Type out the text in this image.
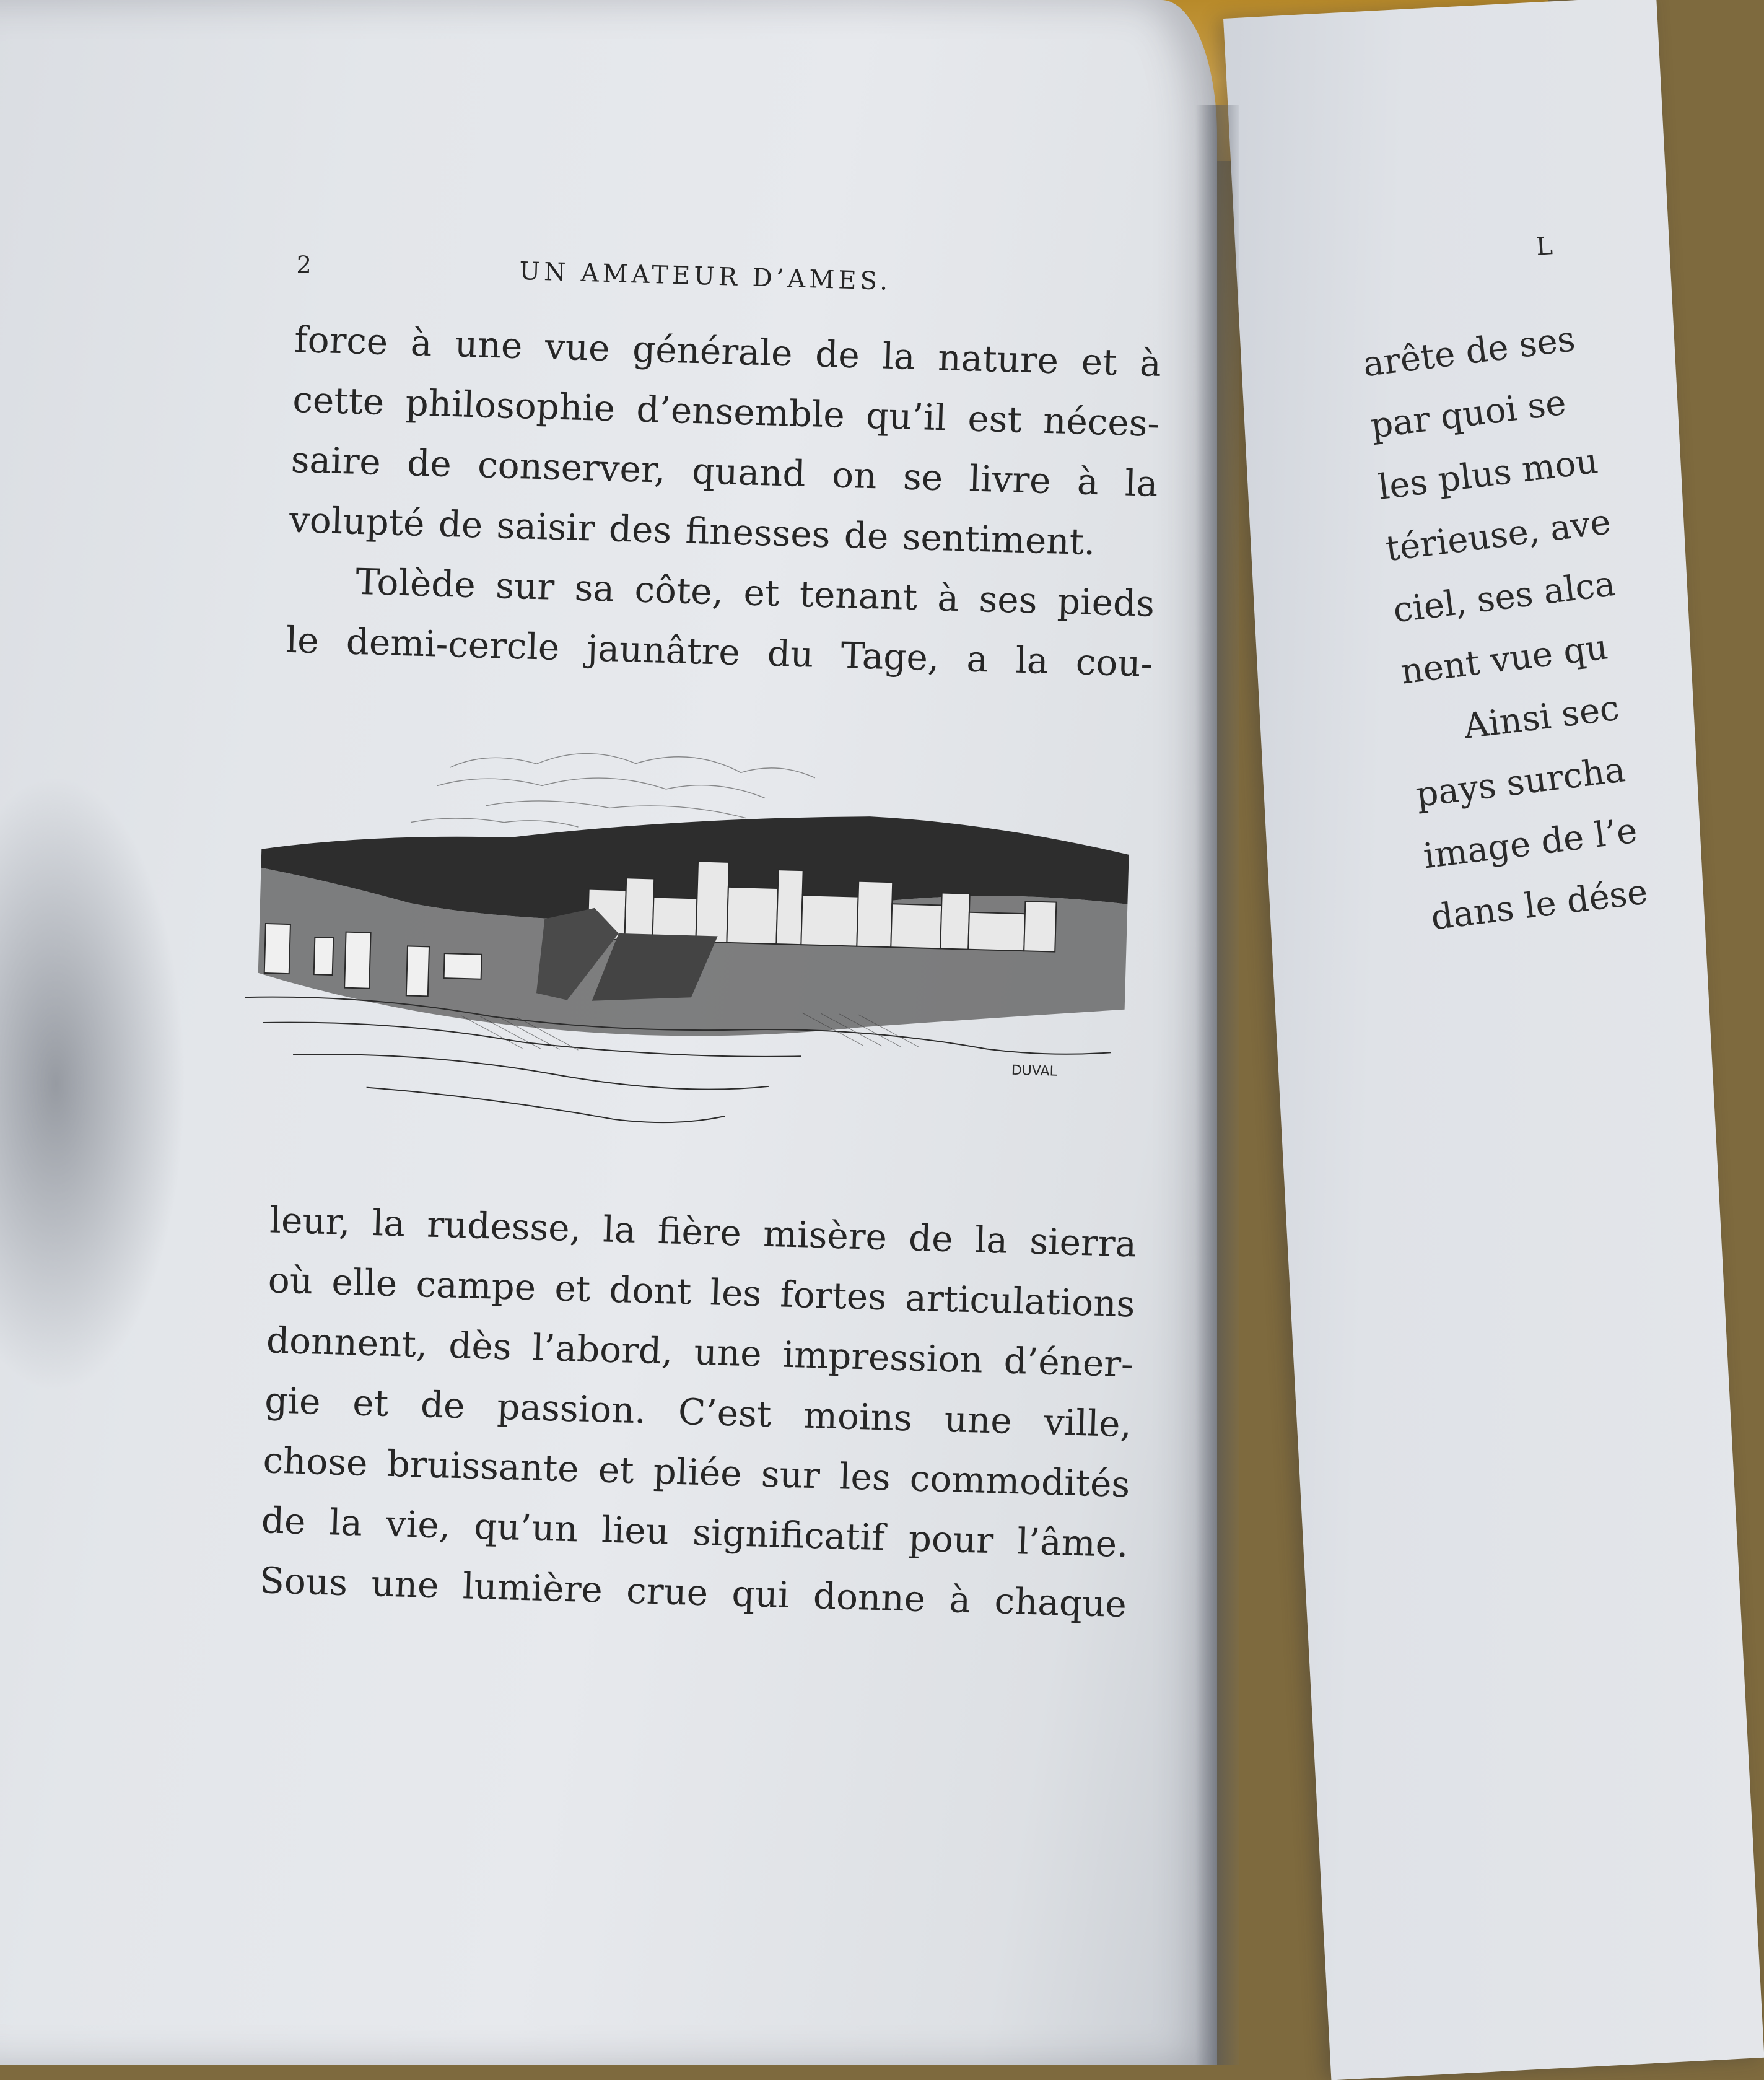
2	UN AMATEUR D’AMES.
force à une vue générale de la nature et à
cette philosophie d’ensemble qu’il est néces-
saire de conserver, quand on se livre à la
volupté de saisir des finesses de sentiment.
Tolède sur sa côte, et tenant à ses pieds
le demi-cercle jaunâtre du Tage, a la cou-
DUVAL
leur, la rudesse, la fière misère de la sierra
où elle campe et dont les fortes articulations
donnent, dès l’abord, une impression d’éner-
gie et de passion. C’est moins une ville,
chose bruissante et pliée sur les commodités
de la vie, qu’un lieu significatif pour l’âme.
Sous une lumière crue qui donne à chaque
L
arête de ses
par quoi se
les plus mou
térieuse, ave
ciel, ses alca
nent vue qu
Ainsi sec
pays surcha
image de l’e
dans le dése
